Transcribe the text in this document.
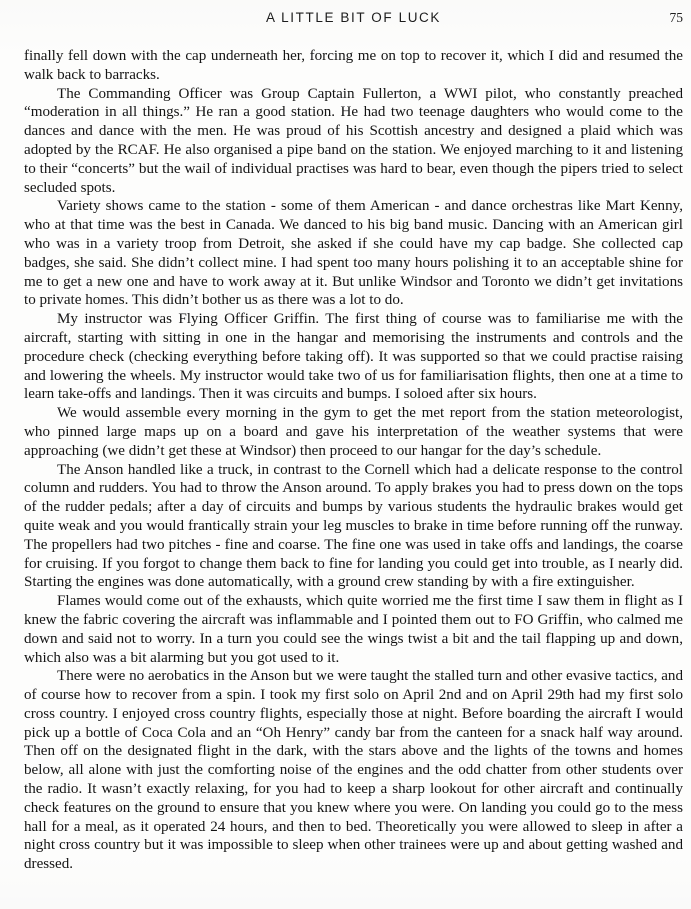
A LITTLE BIT OF LUCK	75

finally fell down with the cap underneath her, forcing me on top to recover it, which I did and resumed the walk back to barracks.

The Commanding Officer was Group Captain Fullerton, a WWI pilot, who constantly preached “moderation in all things.” He ran a good station. He had two teenage daughters who would come to the dances and dance with the men. He was proud of his Scottish ancestry and designed a plaid which was adopted by the RCAF. He also organised a pipe band on the station. We enjoyed marching to it and listening to their “concerts” but the wail of individual practises was hard to bear, even though the pipers tried to select secluded spots.

Variety shows came to the station - some of them American - and dance orchestras like Mart Kenny, who at that time was the best in Canada. We danced to his big band music. Dancing with an American girl who was in a variety troop from Detroit, she asked if she could have my cap badge. She collected cap badges, she said. She didn’t collect mine. I had spent too many hours polishing it to an acceptable shine for me to get a new one and have to work away at it. But unlike Windsor and Toronto we didn’t get invitations to private homes. This didn’t bother us as there was a lot to do.

My instructor was Flying Officer Griffin. The first thing of course was to familiarise me with the aircraft, starting with sitting in one in the hangar and memorising the instruments and controls and the procedure check (checking everything before taking off). It was supported so that we could practise raising and lowering the wheels. My instructor would take two of us for familiarisation flights, then one at a time to learn take-offs and landings. Then it was circuits and bumps. I soloed after six hours.

We would assemble every morning in the gym to get the met report from the station meteorologist, who pinned large maps up on a board and gave his interpretation of the weather systems that were approaching (we didn’t get these at Windsor) then proceed to our hangar for the day’s schedule.

The Anson handled like a truck, in contrast to the Cornell which had a delicate response to the control column and rudders. You had to throw the Anson around. To apply brakes you had to press down on the tops of the rudder pedals; after a day of circuits and bumps by various students the hydraulic brakes would get quite weak and you would frantically strain your leg muscles to brake in time before running off the runway. The propellers had two pitches - fine and coarse. The fine one was used in take offs and landings, the coarse for cruising. If you forgot to change them back to fine for landing you could get into trouble, as I nearly did. Starting the engines was done automatically, with a ground crew standing by with a fire extinguisher.

Flames would come out of the exhausts, which quite worried me the first time I saw them in flight as I knew the fabric covering the aircraft was inflammable and I pointed them out to FO Griffin, who calmed me down and said not to worry. In a turn you could see the wings twist a bit and the tail flapping up and down, which also was a bit alarming but you got used to it.

There were no aerobatics in the Anson but we were taught the stalled turn and other evasive tactics, and of course how to recover from a spin. I took my first solo on April 2nd and on April 29th had my first solo cross country. I enjoyed cross country flights, especially those at night. Before boarding the aircraft I would pick up a bottle of Coca Cola and an “Oh Henry” candy bar from the canteen for a snack half way around. Then off on the designated flight in the dark, with the stars above and the lights of the towns and homes below, all alone with just the comforting noise of the engines and the odd chatter from other students over the radio. It wasn’t exactly relaxing, for you had to keep a sharp lookout for other aircraft and continually check features on the ground to ensure that you knew where you were. On landing you could go to the mess hall for a meal, as it operated 24 hours, and then to bed. Theoretically you were allowed to sleep in after a night cross country but it was impossible to sleep when other trainees were up and about getting washed and dressed.
